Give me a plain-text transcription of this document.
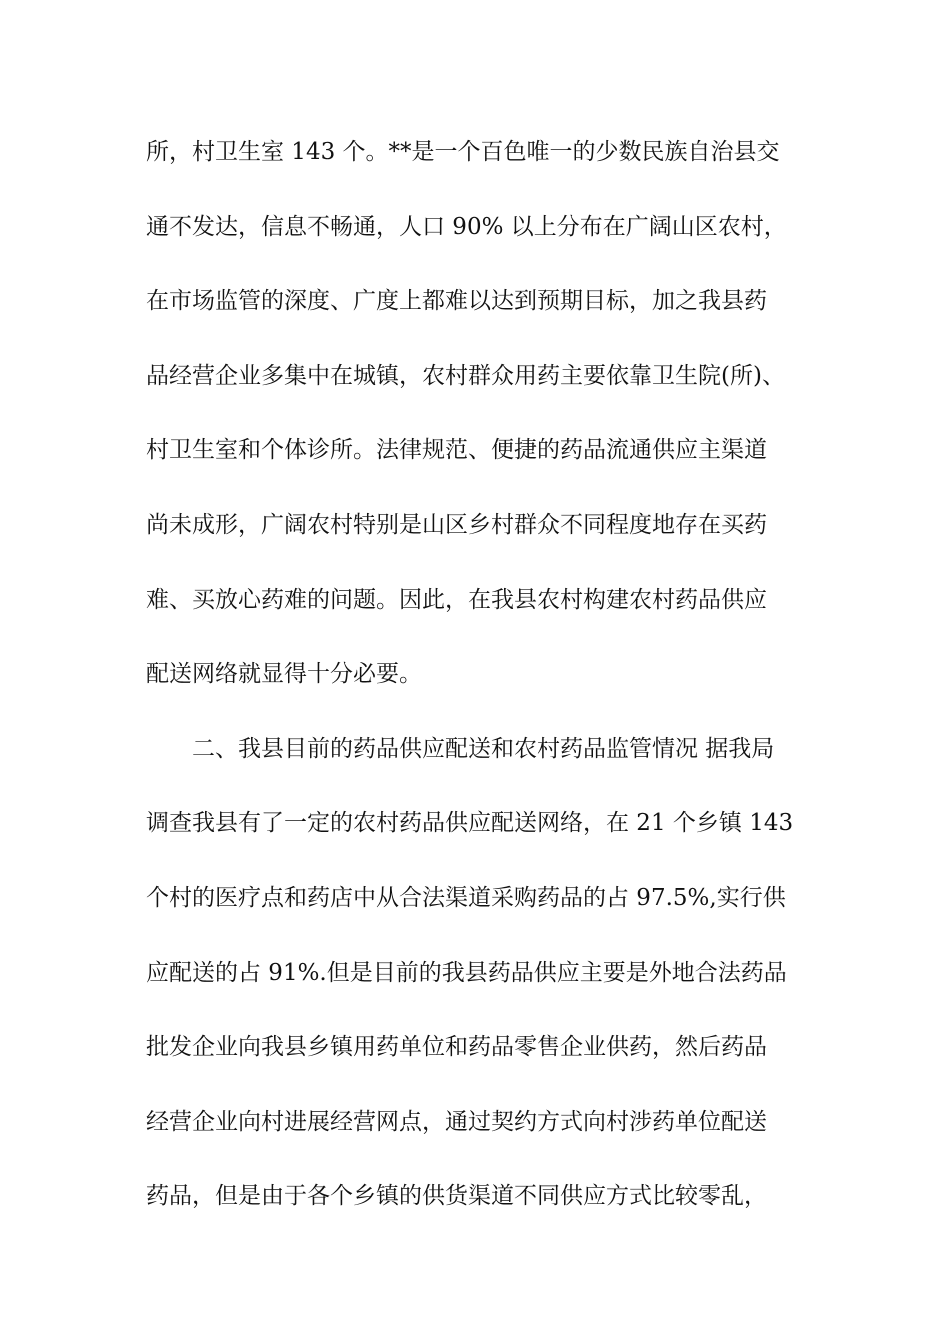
所，村卫生室 143 个。**是一个百色唯一的少数民族自治县交
通不发达，信息不畅通，人口 90% 以上分布在广阔山区农村，
在市场监管的深度、广度上都难以达到预期目标，加之我县药
品经营企业多集中在城镇，农村群众用药主要依靠卫生院(所)、
村卫生室和个体诊所。法律规范、便捷的药品流通供应主渠道
尚未成形，广阔农村特别是山区乡村群众不同程度地存在买药
难、买放心药难的问题。因此，在我县农村构建农村药品供应
配送网络就显得十分必要。
二、我县目前的药品供应配送和农村药品监管情况 据我局
调查我县有了一定的农村药品供应配送网络，在 21 个乡镇 143
个村的医疗点和药店中从合法渠道采购药品的占 97.5%,实行供
应配送的占 91%.但是目前的我县药品供应主要是外地合法药品
批发企业向我县乡镇用药单位和药品零售企业供药，然后药品
经营企业向村进展经营网点，通过契约方式向村涉药单位配送
药品，但是由于各个乡镇的供货渠道不同供应方式比较零乱，
